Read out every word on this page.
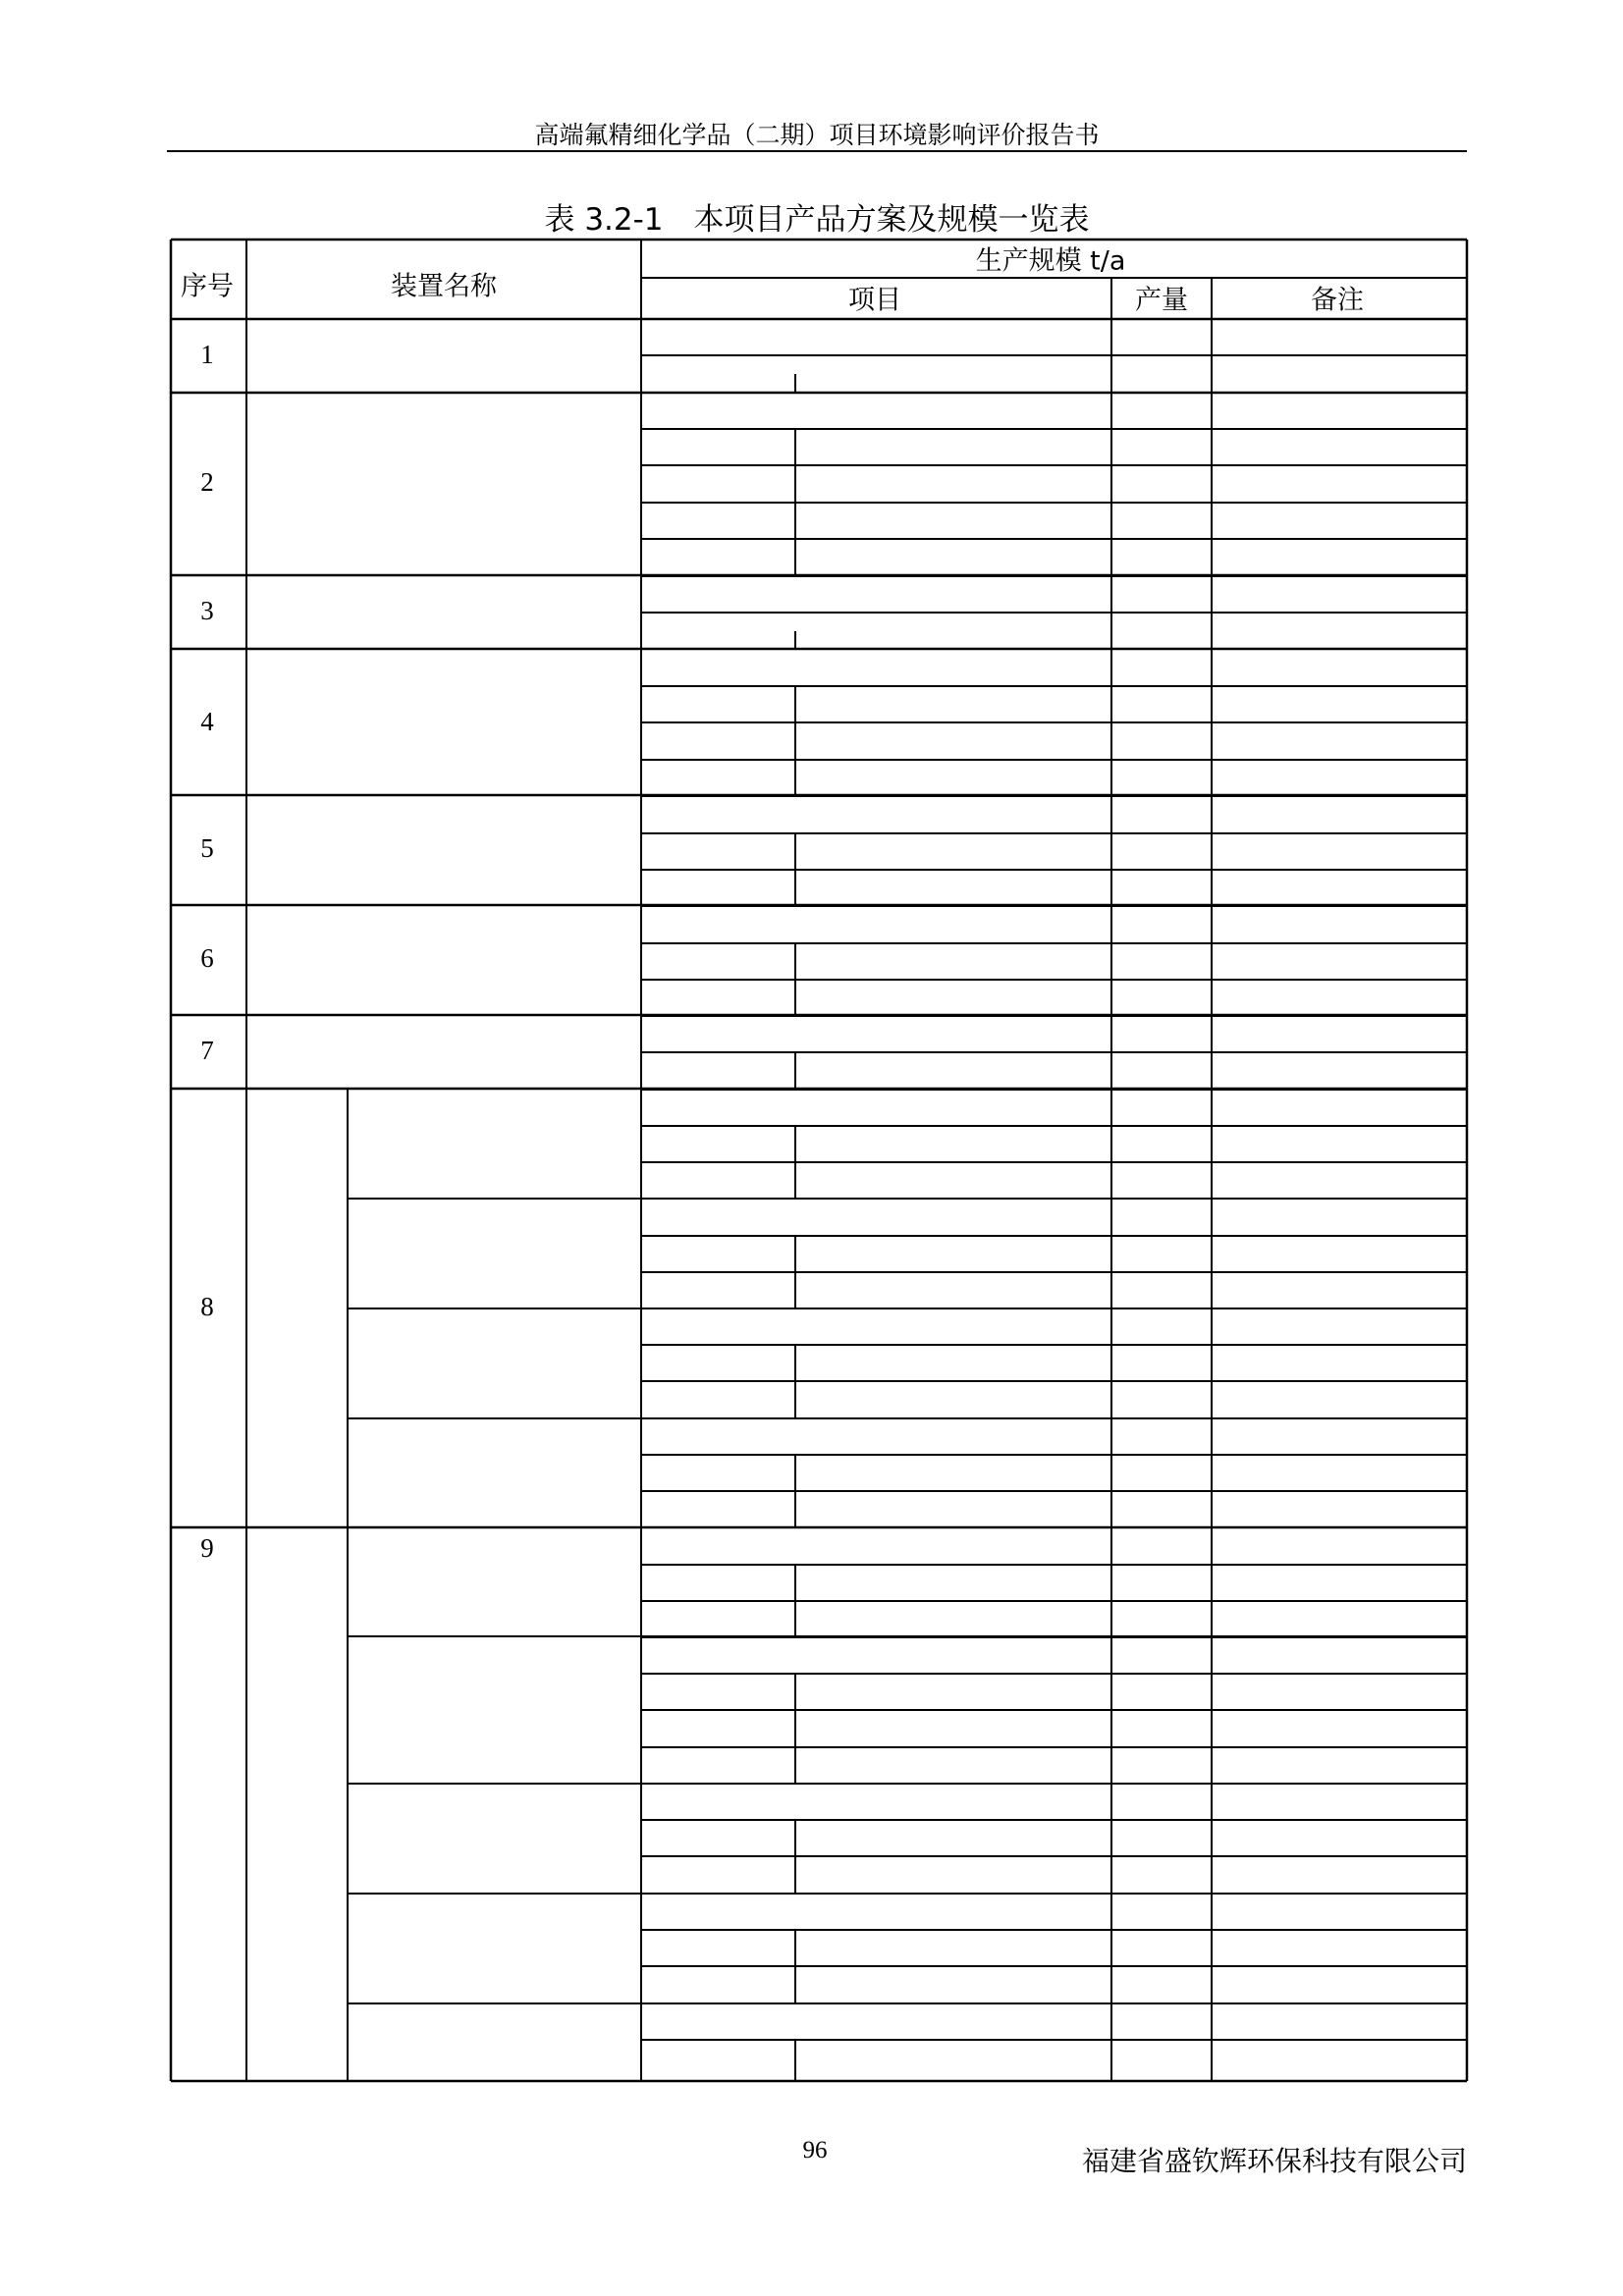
高端氟精细化学品（二期）项目环境影响评价报告书
表 3.2-1　本项目产品方案及规模一览表
序号	装置名称
生产规模 t/a
项目	产量	备注
1
2
3
4
5
6
7
8
9
96	福建省盛钦辉环保科技有限公司
